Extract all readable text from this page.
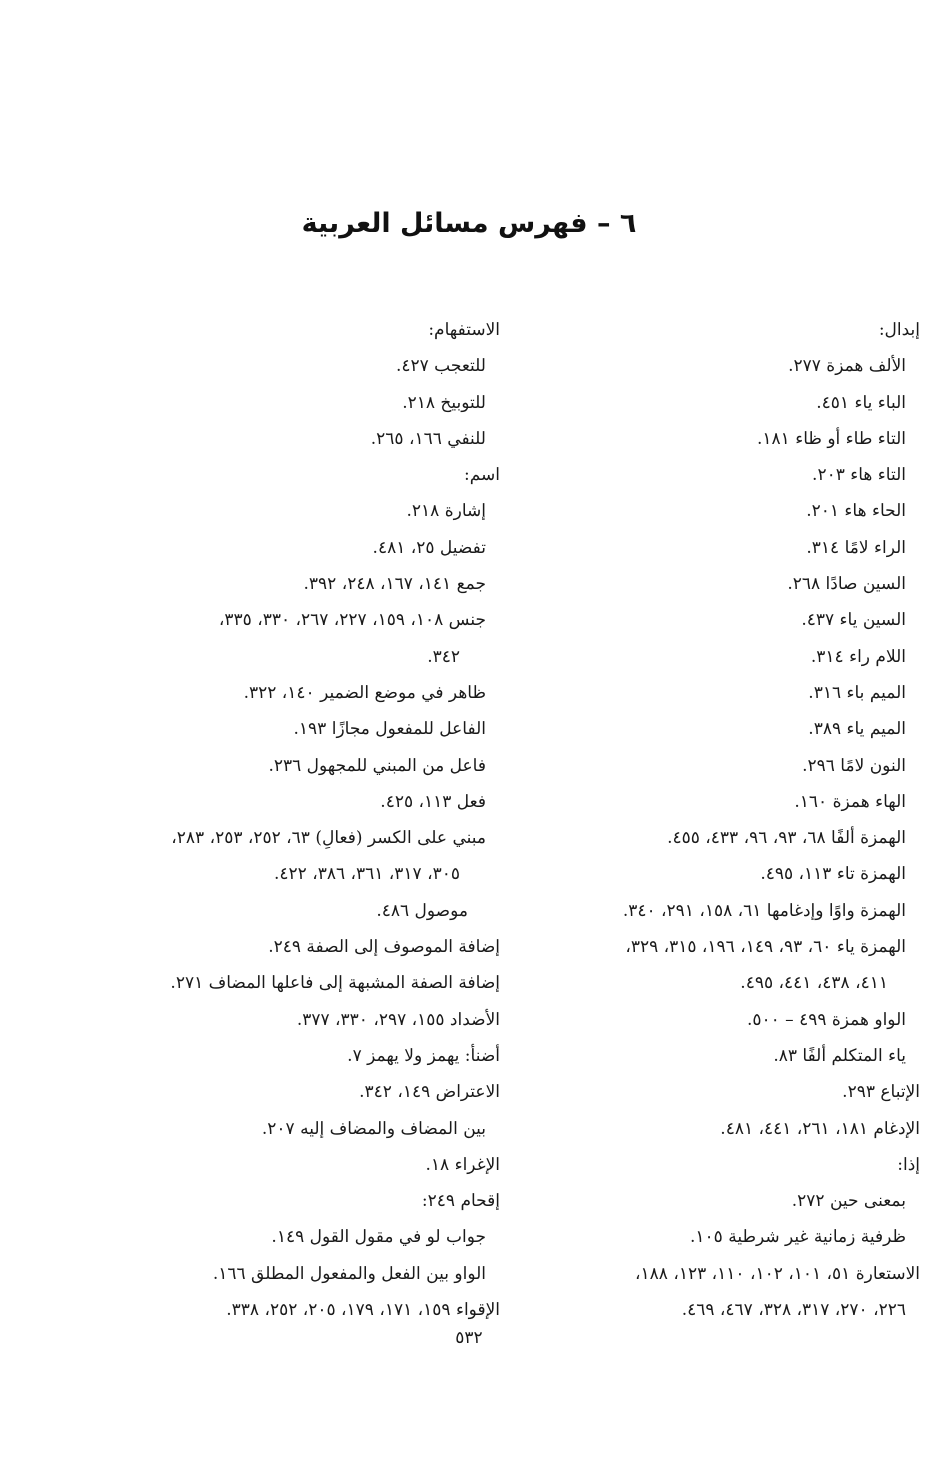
٦ – فهرس مسائل العربية
إبدال:
الألف همزة ٢٧٧.
الباء ياء ٤٥١.
التاء طاء أو ظاء ١٨١.
التاء هاء ٢٠٣.
الحاء هاء ٢٠١.
الراء لامًا ٣١٤.
السين صادًا ٢٦٨.
السين ياء ٤٣٧.
اللام راء ٣١٤.
الميم باء ٣١٦.
الميم ياء ٣٨٩.
النون لامًا ٢٩٦.
الهاء همزة ١٦٠.
الهمزة ألفًا ٦٨، ٩٣، ٩٦، ٤٣٣، ٤٥٥.
الهمزة تاء ١١٣، ٤٩٥.
الهمزة واوًا وإدغامها ٦١، ١٥٨، ٢٩١، ٣٤٠.
الهمزة ياء ٦٠، ٩٣، ١٤٩، ١٩٦، ٣١٥، ٣٢٩،
٤١١، ٤٣٨، ٤٤١، ٤٩٥.
الواو همزة ٤٩٩ – ٥٠٠.
ياء المتكلم ألفًا ٨٣.
الإتباع ٢٩٣.
الإدغام ١٨١، ٢٦١، ٤٤١، ٤٨١.
إذا:
بمعنى حين ٢٧٢.
ظرفية زمانية غير شرطية ١٠٥.
الاستعارة ٥١، ١٠١، ١٠٢، ١١٠، ١٢٣، ١٨٨،
٢٢٦، ٢٧٠، ٣١٧، ٣٢٨، ٤٦٧، ٤٦٩.
الاستفهام:
للتعجب ٤٢٧.
للتوبيخ ٢١٨.
للنفي ١٦٦، ٢٦٥.
اسم:
إشارة ٢١٨.
تفضيل ٢٥، ٤٨١.
جمع ١٤١، ١٦٧، ٢٤٨، ٣٩٢.
جنس ١٠٨، ١٥٩، ٢٢٧، ٢٦٧، ٣٣٠، ٣٣٥،
٣٤٢.
ظاهر في موضع الضمير ١٤٠، ٣٢٢.
الفاعل للمفعول مجازًا ١٩٣.
فاعل من المبني للمجهول ٢٣٦.
فعل ١١٣، ٤٢٥.
مبني على الكسر (فعالِ) ٦٣، ٢٥٢، ٢٥٣، ٢٨٣،
٣٠٥، ٣١٧، ٣٦١، ٣٨٦، ٤٢٢.
موصول ٤٨٦.
إضافة الموصوف إلى الصفة ٢٤٩.
إضافة الصفة المشبهة إلى فاعلها المضاف ٢٧١.
الأضداد ١٥٥، ٢٩٧، ٣٣٠، ٣٧٧.
أضنأ: يهمز ولا يهمز ٧.
الاعتراض ١٤٩، ٣٤٢.
بين المضاف والمضاف إليه ٢٠٧.
الإغراء ١٨.
إقحام ٢٤٩:
جواب لو في مقول القول ١٤٩.
الواو بين الفعل والمفعول المطلق ١٦٦.
الإقواء ١٥٩، ١٧١، ١٧٩، ٢٠٥، ٢٥٢، ٣٣٨.
٥٣٢
